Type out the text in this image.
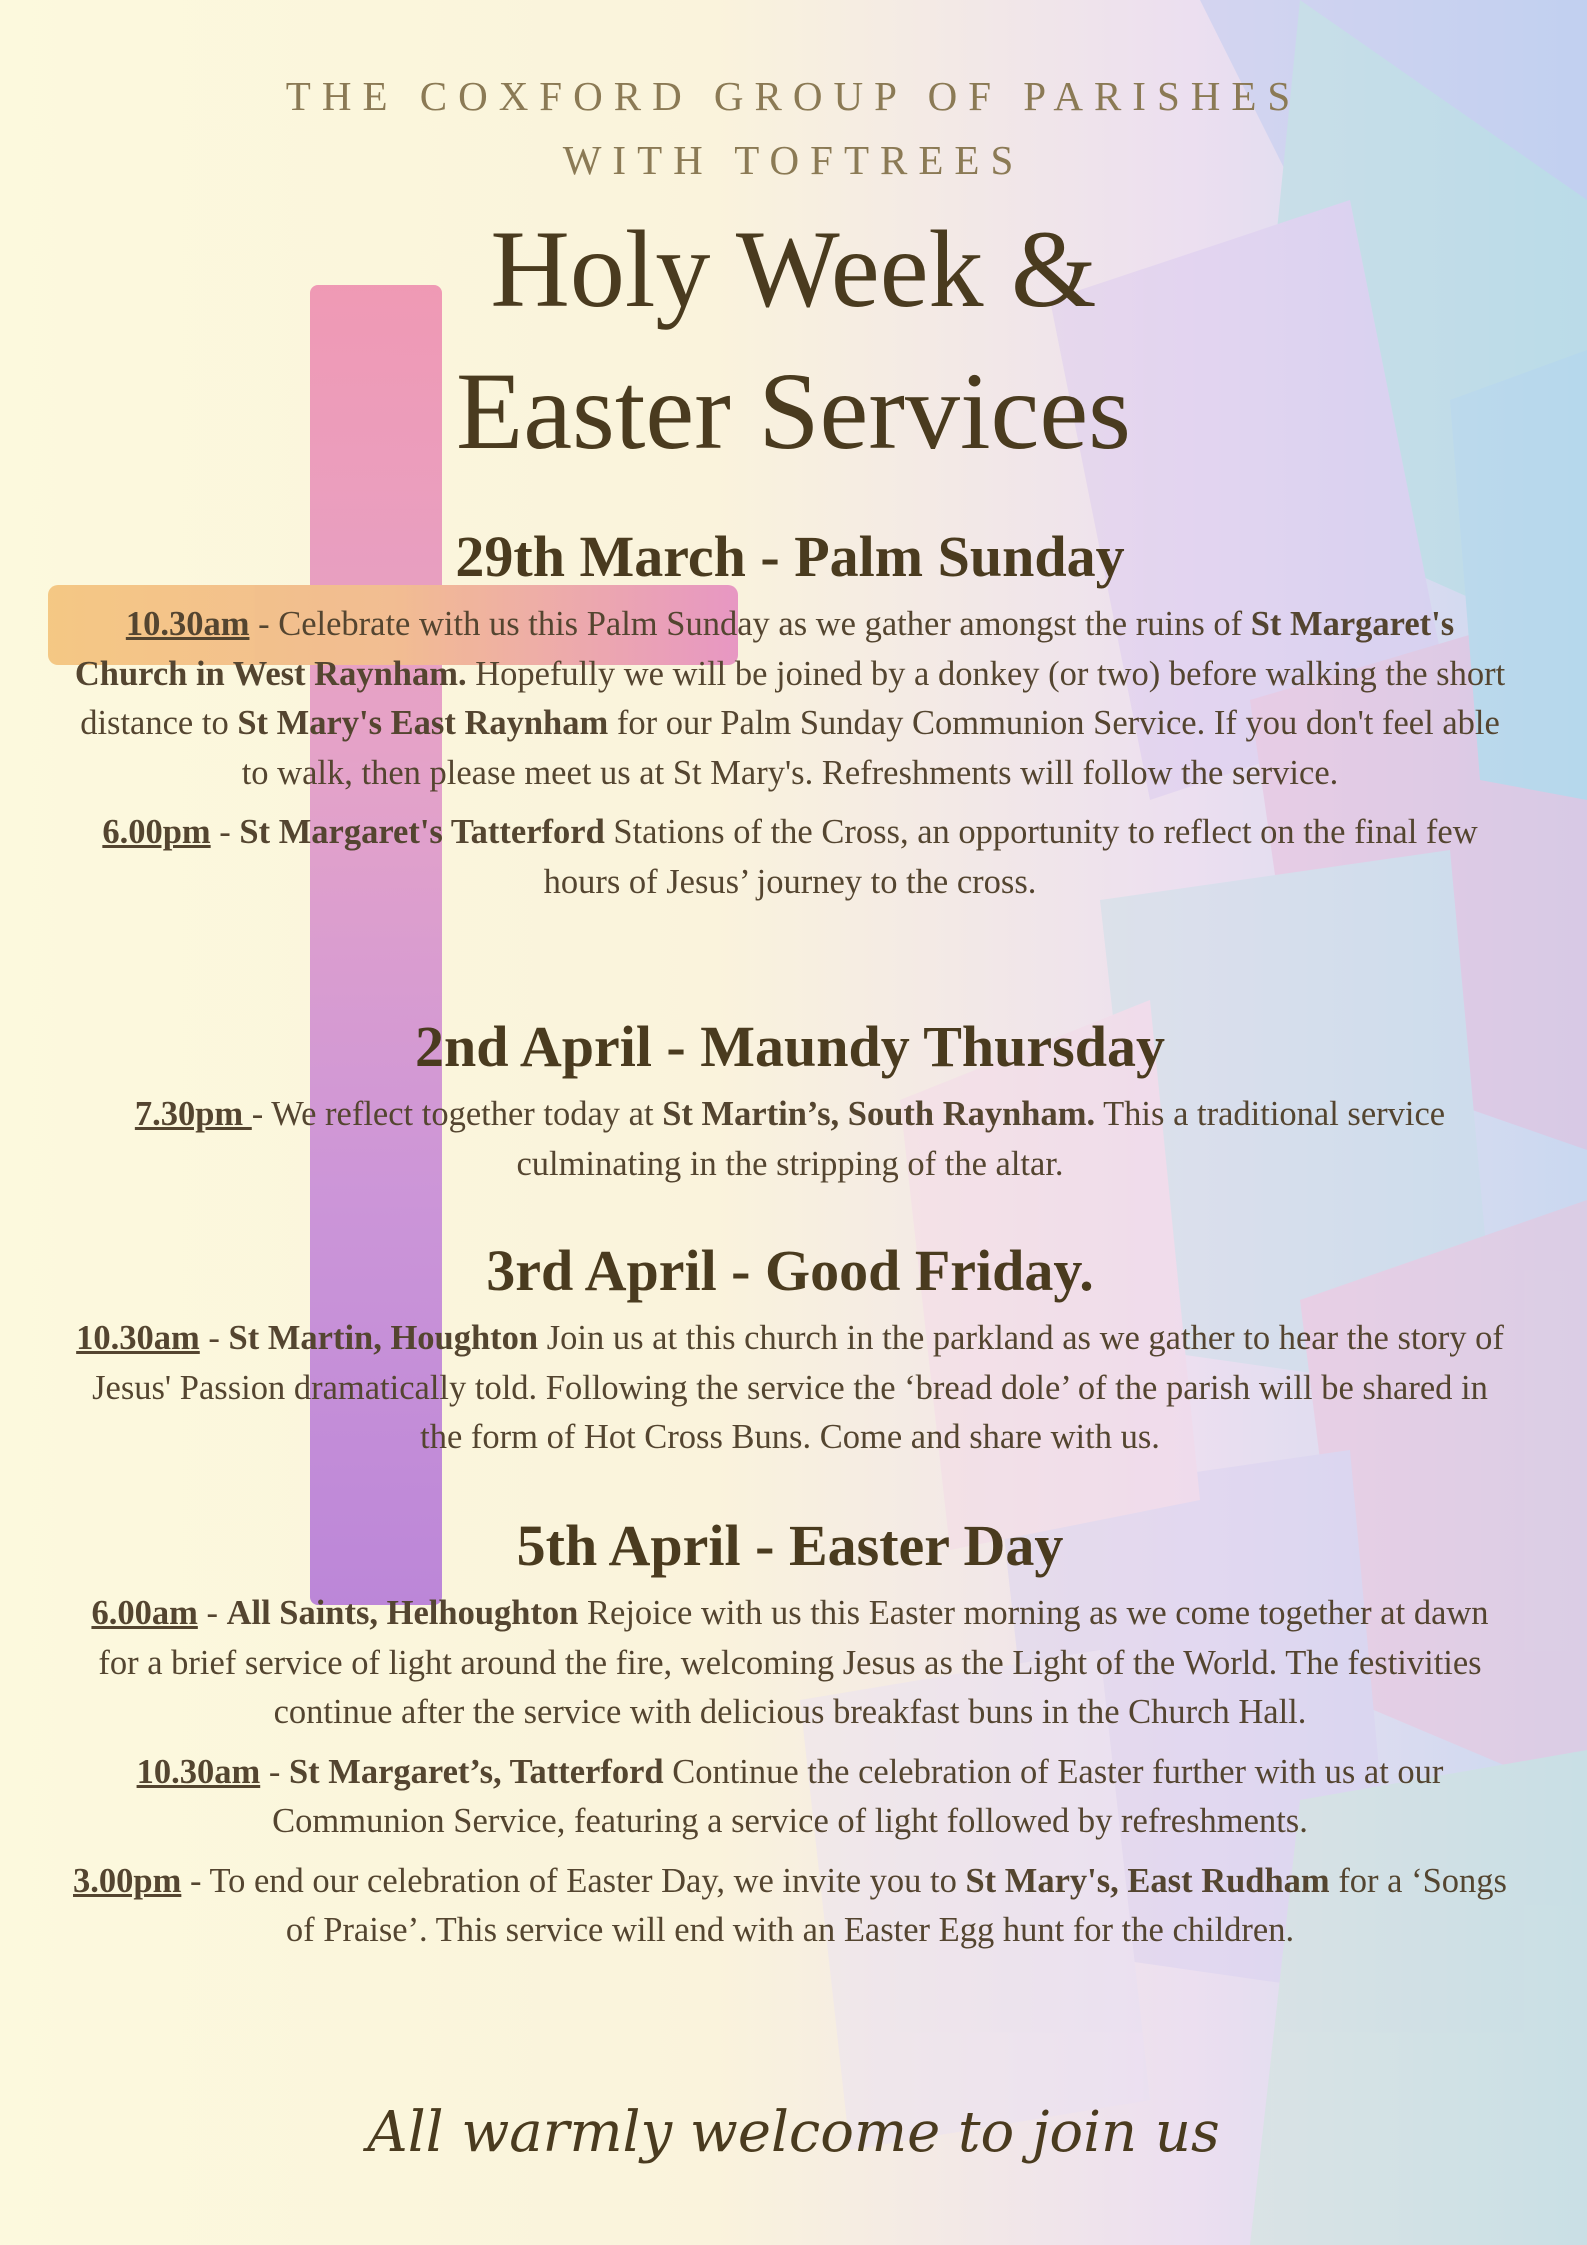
THE COXFORD GROUP OF PARISHES
WITH TOFTREES
Holy Week &
Easter Services
29th March - Palm Sunday

10.30am - Celebrate with us this Palm Sunday as we gather amongst the ruins of St Margaret's Church in West Raynham. Hopefully we will be joined by a donkey (or two) before walking the short distance to St Mary's East Raynham for our Palm Sunday Communion Service. If you don't feel able to walk, then please meet us at St Mary's. Refreshments will follow the service.

6.00pm - St Margaret's Tatterford Stations of the Cross, an opportunity to reflect on the final few hours of Jesus’ journey to the cross.

2nd April - Maundy Thursday

7.30pm - We reflect together today at St Martin’s, South Raynham. This a traditional service culminating in the stripping of the altar.

3rd April - Good Friday.

10.30am - St Martin, Houghton Join us at this church in the parkland as we gather to hear the story of Jesus' Passion dramatically told. Following the service the ‘bread dole’ of the parish will be shared in the form of Hot Cross Buns. Come and share with us.

5th April - Easter Day

6.00am - All Saints, Helhoughton Rejoice with us this Easter morning as we come together at dawn for a brief service of light around the fire, welcoming Jesus as the Light of the World. The festivities continue after the service with delicious breakfast buns in the Church Hall.

10.30am - St Margaret’s, Tatterford Continue the celebration of Easter further with us at our Communion Service, featuring a service of light followed by refreshments.

3.00pm - To end our celebration of Easter Day, we invite you to St Mary's, East Rudham for a ‘Songs of Praise’. This service will end with an Easter Egg hunt for the children.

All warmly welcome to join us
